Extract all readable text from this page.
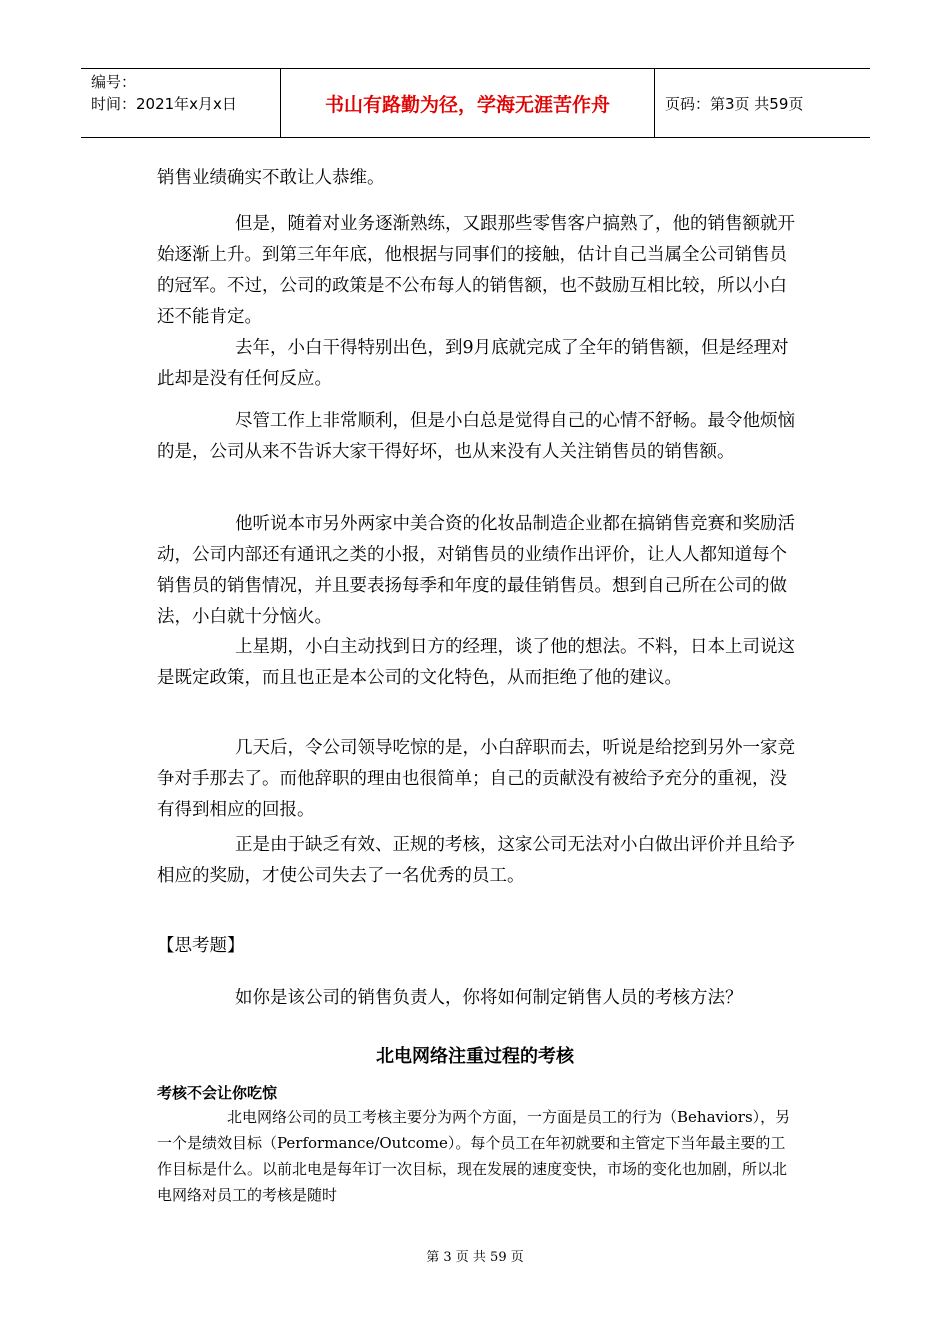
编号：
时间：2021年x月x日	书山有路勤为径，学海无涯苦作舟	页码：第3页 共59页

销售业绩确实不敢让人恭维。

但是，随着对业务逐渐熟练，又跟那些零售客户搞熟了，他的销售额就开始逐渐上升。到第三年年底，他根据与同事们的接触，估计自己当属全公司销售员的冠军。不过，公司的政策是不公布每人的销售额，也不鼓励互相比较，所以小白还不能肯定。

去年，小白干得特别出色，到9月底就完成了全年的销售额，但是经理对此却是没有任何反应。

尽管工作上非常顺利，但是小白总是觉得自己的心情不舒畅。最令他烦恼的是，公司从来不告诉大家干得好坏，也从来没有人关注销售员的销售额。

他听说本市另外两家中美合资的化妆品制造企业都在搞销售竞赛和奖励活动，公司内部还有通讯之类的小报，对销售员的业绩作出评价，让人人都知道每个销售员的销售情况，并且要表扬每季和年度的最佳销售员。想到自己所在公司的做法，小白就十分恼火。

上星期，小白主动找到日方的经理，谈了他的想法。不料，日本上司说这是既定政策，而且也正是本公司的文化特色，从而拒绝了他的建议。

几天后，令公司领导吃惊的是，小白辞职而去，听说是给挖到另外一家竞争对手那去了。而他辞职的理由也很简单；自己的贡献没有被给予充分的重视，没有得到相应的回报。

正是由于缺乏有效、正规的考核，这家公司无法对小白做出评价并且给予相应的奖励，才使公司失去了一名优秀的员工。

【思考题】

如你是该公司的销售负责人，你将如何制定销售人员的考核方法？

北电网络注重过程的考核
考核不会让你吃惊

北电网络公司的员工考核主要分为两个方面，一方面是员工的行为（Behaviors），另一个是绩效目标（Performance/Outcome）。每个员工在年初就要和主管定下当年最主要的工作目标是什么。以前北电是每年订一次目标，现在发展的速度变快，市场的变化也加剧，所以北电网络对员工的考核是随时

第 3 页 共 59 页
